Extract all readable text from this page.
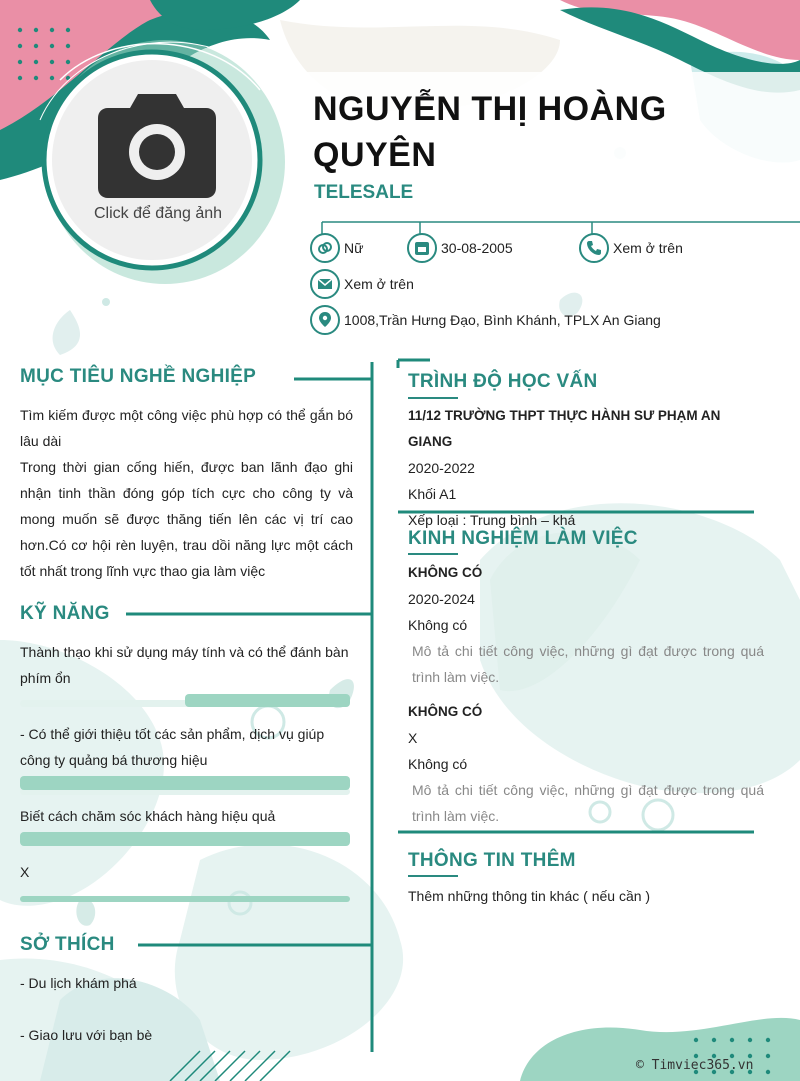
Click để đăng ảnh
NGUYỄN THỊ HOÀNG QUYÊN
TELESALE
Nữ	30-08-2005	Xem ở trên
Xem ở trên
1008,Trần Hưng Đạo, Bình Khánh, TPLX An Giang
MỤC TIÊU NGHỀ NGHIỆP
Tìm kiếm được một công việc phù hợp có thể gắn bó lâu dài
Trong thời gian cống hiến, được ban lãnh đạo ghi nhận tinh thần đóng góp tích cực cho công ty và mong muốn sẽ được thăng tiến lên các vị trí cao hơn.Có cơ hội rèn luyện, trau dồi năng lực một cách tốt nhất trong lĩnh vực thao gia làm việc
KỸ NĂNG
Thành thạo khi sử dụng máy tính và có thể đánh bàn phím ổn
- Có thể giới thiệu tốt các sản phẩm, dịch vụ giúp công ty quảng bá thương hiệu
Biết cách chăm sóc khách hàng hiệu quả
X
SỞ THÍCH
- Du lịch khám phá
- Giao lưu với bạn bè
TRÌNH ĐỘ HỌC VẤN
11/12 TRƯỜNG THPT THỰC HÀNH SƯ PHẠM AN GIANG
2020-2022
Khối A1
Xếp loại : Trung bình – khá
KINH NGHIỆM LÀM VIỆC
KHÔNG CÓ
2020-2024
Không có
Mô tả chi tiết công việc, những gì đạt được trong quá trình làm việc.
KHÔNG CÓ
X
Không có
Mô tả chi tiết công việc, những gì đạt được trong quá trình làm việc.
THÔNG TIN THÊM
Thêm những thông tin khác ( nếu cần )
© Timviec365.vn
